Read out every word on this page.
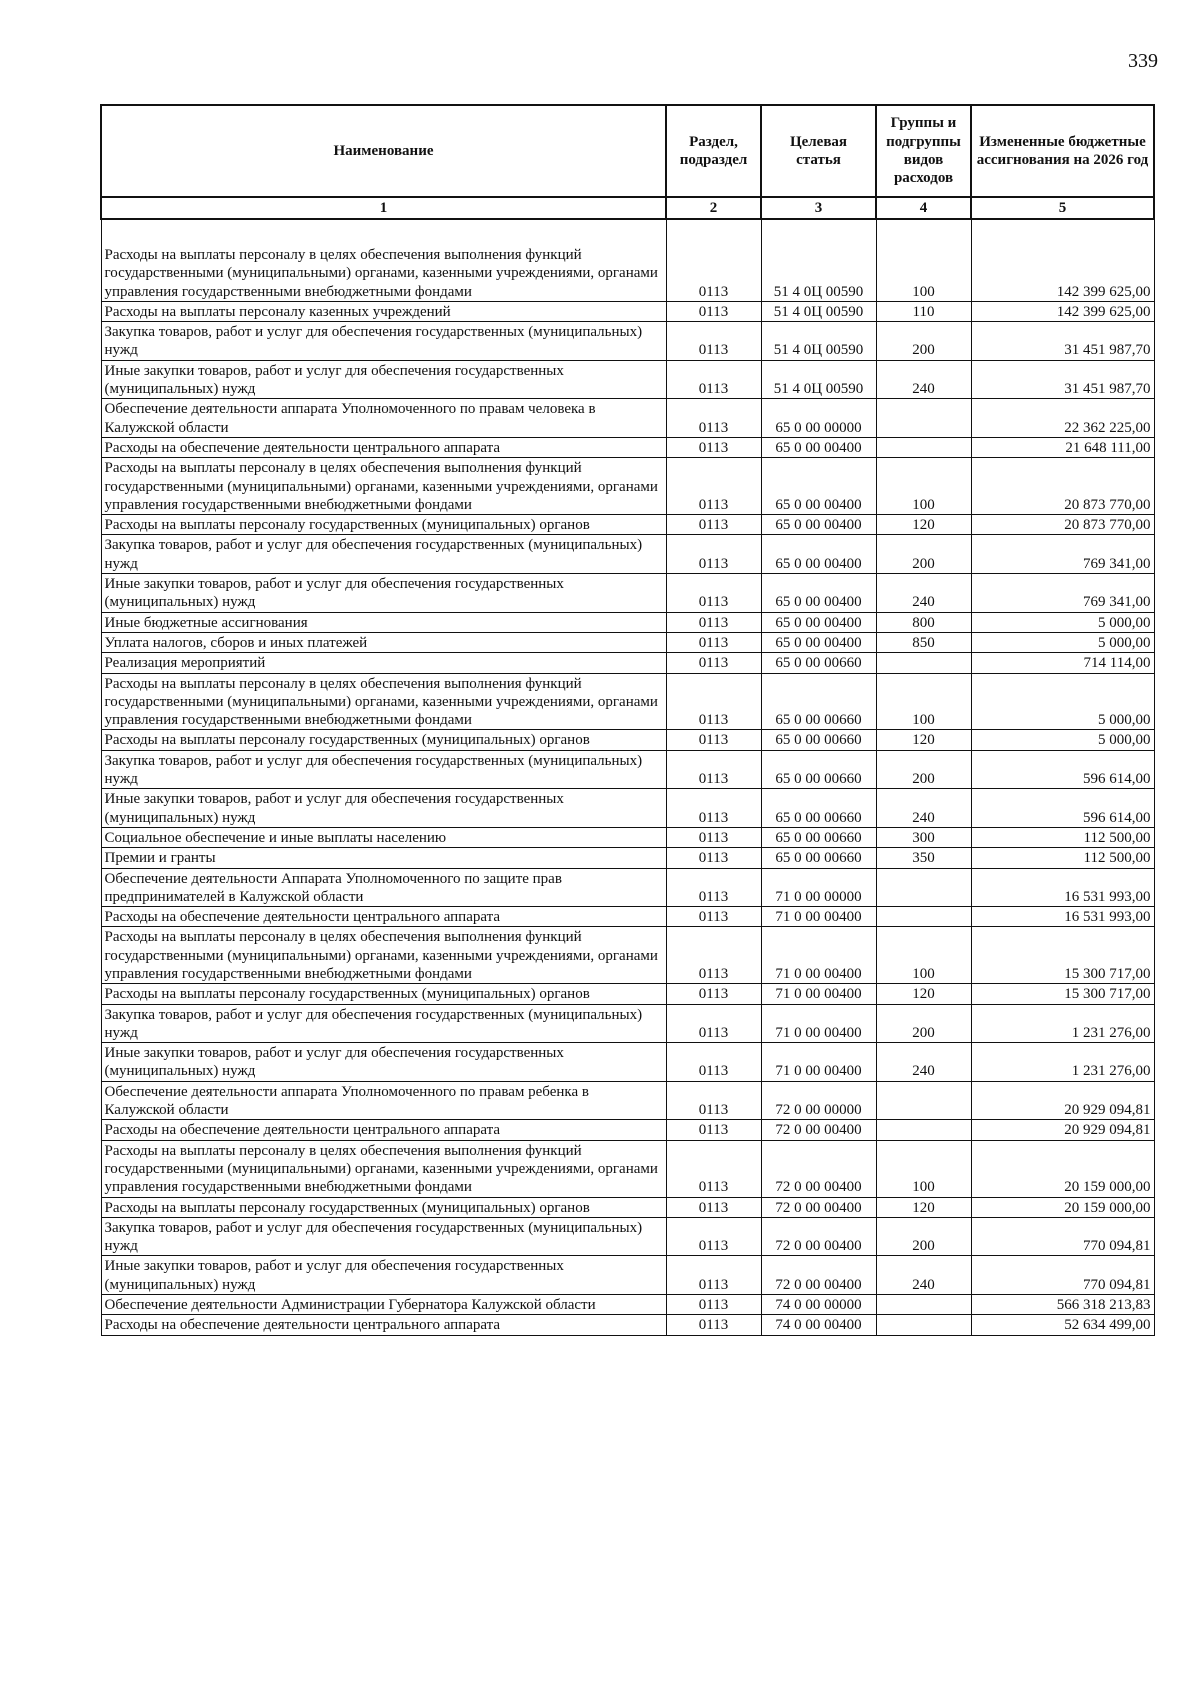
339
Наименование	Раздел, подраздел	Целевая статья	Группы и подгруппы видов расходов	Измененные бюджетные ассигнования на 2026 год
1	2	3	4	5
Расходы на выплаты персоналу в целях обеспечения выполнения функций государственными (муниципальными) органами, казенными учреждениями, органами управления государственными внебюджетными фондами	0113	51 4 0Ц 00590	100	142 399 625,00
Расходы на выплаты персоналу казенных учреждений	0113	51 4 0Ц 00590	110	142 399 625,00
Закупка товаров, работ и услуг для обеспечения государственных (муниципальных) нужд	0113	51 4 0Ц 00590	200	31 451 987,70
Иные закупки товаров, работ и услуг для обеспечения государственных (муниципальных) нужд	0113	51 4 0Ц 00590	240	31 451 987,70
Обеспечение деятельности аппарата Уполномоченного по правам человека в Калужской области	0113	65 0 00 00000		22 362 225,00
Расходы на обеспечение деятельности центрального аппарата	0113	65 0 00 00400		21 648 111,00
Расходы на выплаты персоналу в целях обеспечения выполнения функций государственными (муниципальными) органами, казенными учреждениями, органами управления государственными внебюджетными фондами	0113	65 0 00 00400	100	20 873 770,00
Расходы на выплаты персоналу государственных (муниципальных) органов	0113	65 0 00 00400	120	20 873 770,00
Закупка товаров, работ и услуг для обеспечения государственных (муниципальных) нужд	0113	65 0 00 00400	200	769 341,00
Иные закупки товаров, работ и услуг для обеспечения государственных (муниципальных) нужд	0113	65 0 00 00400	240	769 341,00
Иные бюджетные ассигнования	0113	65 0 00 00400	800	5 000,00
Уплата налогов, сборов и иных платежей	0113	65 0 00 00400	850	5 000,00
Реализация мероприятий	0113	65 0 00 00660		714 114,00
Расходы на выплаты персоналу в целях обеспечения выполнения функций государственными (муниципальными) органами, казенными учреждениями, органами управления государственными внебюджетными фондами	0113	65 0 00 00660	100	5 000,00
Расходы на выплаты персоналу государственных (муниципальных) органов	0113	65 0 00 00660	120	5 000,00
Закупка товаров, работ и услуг для обеспечения государственных (муниципальных) нужд	0113	65 0 00 00660	200	596 614,00
Иные закупки товаров, работ и услуг для обеспечения государственных (муниципальных) нужд	0113	65 0 00 00660	240	596 614,00
Социальное обеспечение и иные выплаты населению	0113	65 0 00 00660	300	112 500,00
Премии и гранты	0113	65 0 00 00660	350	112 500,00
Обеспечение деятельности Аппарата Уполномоченного по защите прав предпринимателей в Калужской области	0113	71 0 00 00000		16 531 993,00
Расходы на обеспечение деятельности центрального аппарата	0113	71 0 00 00400		16 531 993,00
Расходы на выплаты персоналу в целях обеспечения выполнения функций государственными (муниципальными) органами, казенными учреждениями, органами управления государственными внебюджетными фондами	0113	71 0 00 00400	100	15 300 717,00
Расходы на выплаты персоналу государственных (муниципальных) органов	0113	71 0 00 00400	120	15 300 717,00
Закупка товаров, работ и услуг для обеспечения государственных (муниципальных) нужд	0113	71 0 00 00400	200	1 231 276,00
Иные закупки товаров, работ и услуг для обеспечения государственных (муниципальных) нужд	0113	71 0 00 00400	240	1 231 276,00
Обеспечение деятельности аппарата Уполномоченного по правам ребенка в Калужской области	0113	72 0 00 00000		20 929 094,81
Расходы на обеспечение деятельности центрального аппарата	0113	72 0 00 00400		20 929 094,81
Расходы на выплаты персоналу в целях обеспечения выполнения функций государственными (муниципальными) органами, казенными учреждениями, органами управления государственными внебюджетными фондами	0113	72 0 00 00400	100	20 159 000,00
Расходы на выплаты персоналу государственных (муниципальных) органов	0113	72 0 00 00400	120	20 159 000,00
Закупка товаров, работ и услуг для обеспечения государственных (муниципальных) нужд	0113	72 0 00 00400	200	770 094,81
Иные закупки товаров, работ и услуг для обеспечения государственных (муниципальных) нужд	0113	72 0 00 00400	240	770 094,81
Обеспечение деятельности Администрации Губернатора Калужской области	0113	74 0 00 00000		566 318 213,83
Расходы на обеспечение деятельности центрального аппарата	0113	74 0 00 00400		52 634 499,00
